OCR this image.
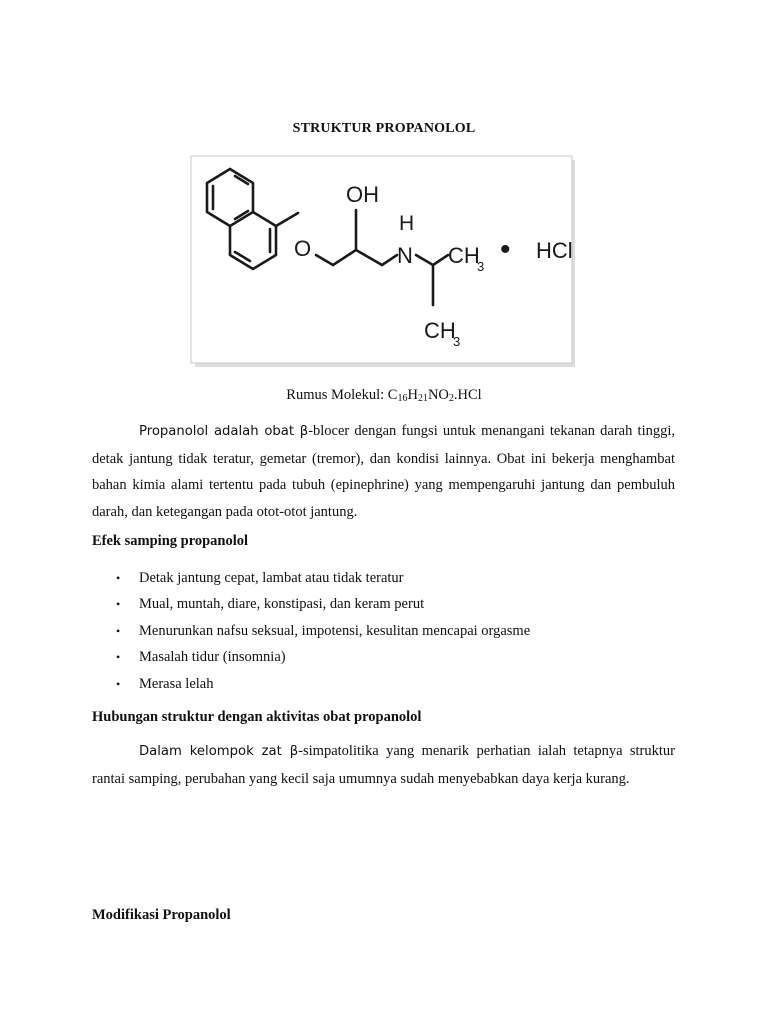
STRUKTUR PROPANOLOL
O
OH
H
N CH
3
CH
3
• HCl
Rumus Molekul: $C_{16}H_{21}NO_2.HCl$

Propanolol adalah obat β-blocer dengan fungsi untuk menangani tekanan darah tinggi, detak jantung tidak teratur, gemetar (tremor), dan kondisi lainnya. Obat ini bekerja menghambat bahan kimia alami tertentu pada tubuh (epinephrine) yang mempengaruhi jantung dan pembuluh darah, dan ketegangan pada otot-otot jantung.

Efek samping propanolol
• Detak jantung cepat, lambat atau tidak teratur
• Mual, muntah, diare, konstipasi, dan keram perut
• Menurunkan nafsu seksual, impotensi, kesulitan mencapai orgasme
• Masalah tidur (insomnia)
• Merasa lelah
Hubungan struktur dengan aktivitas obat propanolol

Dalam kelompok zat β-simpatolitika yang menarik perhatian ialah tetapnya struktur rantai samping, perubahan yang kecil saja umumnya sudah menyebabkan daya kerja kurang.

Modifikasi Propanolol
